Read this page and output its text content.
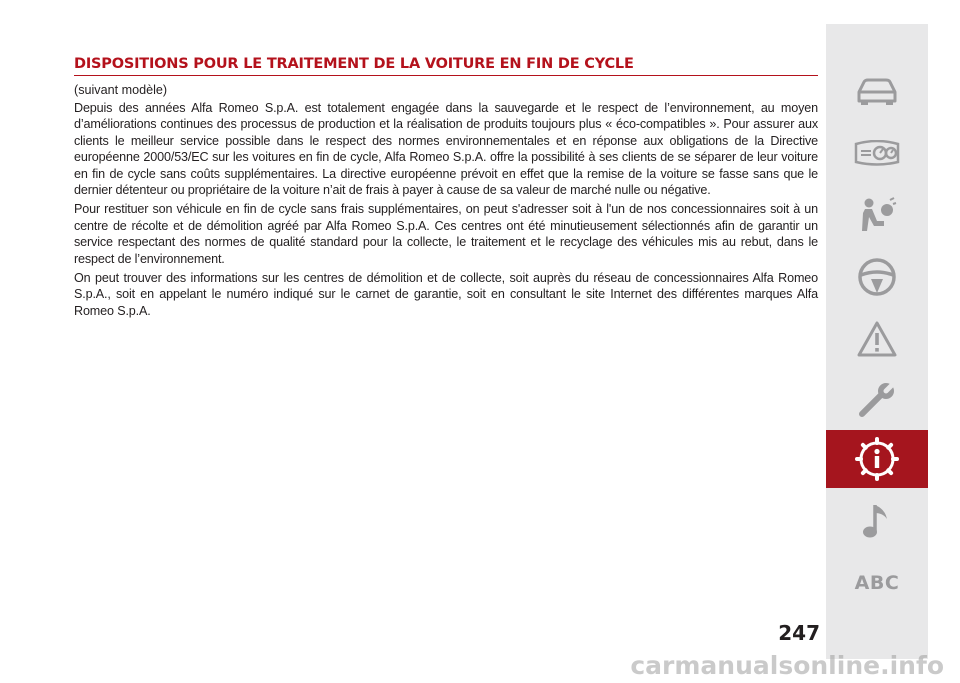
DISPOSITIONS POUR LE TRAITEMENT DE LA VOITURE EN FIN DE CYCLE

(suivant modèle)

Depuis des années Alfa Romeo S.p.A. est totalement engagée dans la sauvegarde et le respect de l’environnement, au moyen d’améliorations continues des processus de production et la réalisation de produits toujours plus « éco-compatibles ». Pour assurer aux clients le meilleur service possible dans le respect des normes environnementales et en réponse aux obligations de la Directive européenne 2000/53/EC sur les voitures en fin de cycle, Alfa Romeo S.p.A. offre la possibilité à ses clients de se séparer de leur voiture en fin de cycle sans coûts supplémentaires. La directive européenne prévoit en effet que la remise de la voiture se fasse sans que le dernier détenteur ou propriétaire de la voiture n’ait de frais à payer à cause de sa valeur de marché nulle ou négative.

Pour restituer son véhicule en fin de cycle sans frais supplémentaires, on peut s'adresser soit à l'un de nos concessionnaires soit à un centre de récolte et de démolition agréé par Alfa Romeo S.p.A. Ces centres ont été minutieusement sélectionnés afin de garantir un service respectant des normes de qualité standard pour la collecte, le traitement et le recyclage des véhicules mis au rebut, dans le respect de l’environnement.

On peut trouver des informations sur les centres de démolition et de collecte, soit auprès du réseau de concessionnaires Alfa Romeo S.p.A., soit en appelant le numéro indiqué sur le carnet de garantie, soit en consultant le site Internet des différentes marques Alfa Romeo S.p.A.

ABC
247
carmanualsonline.info
